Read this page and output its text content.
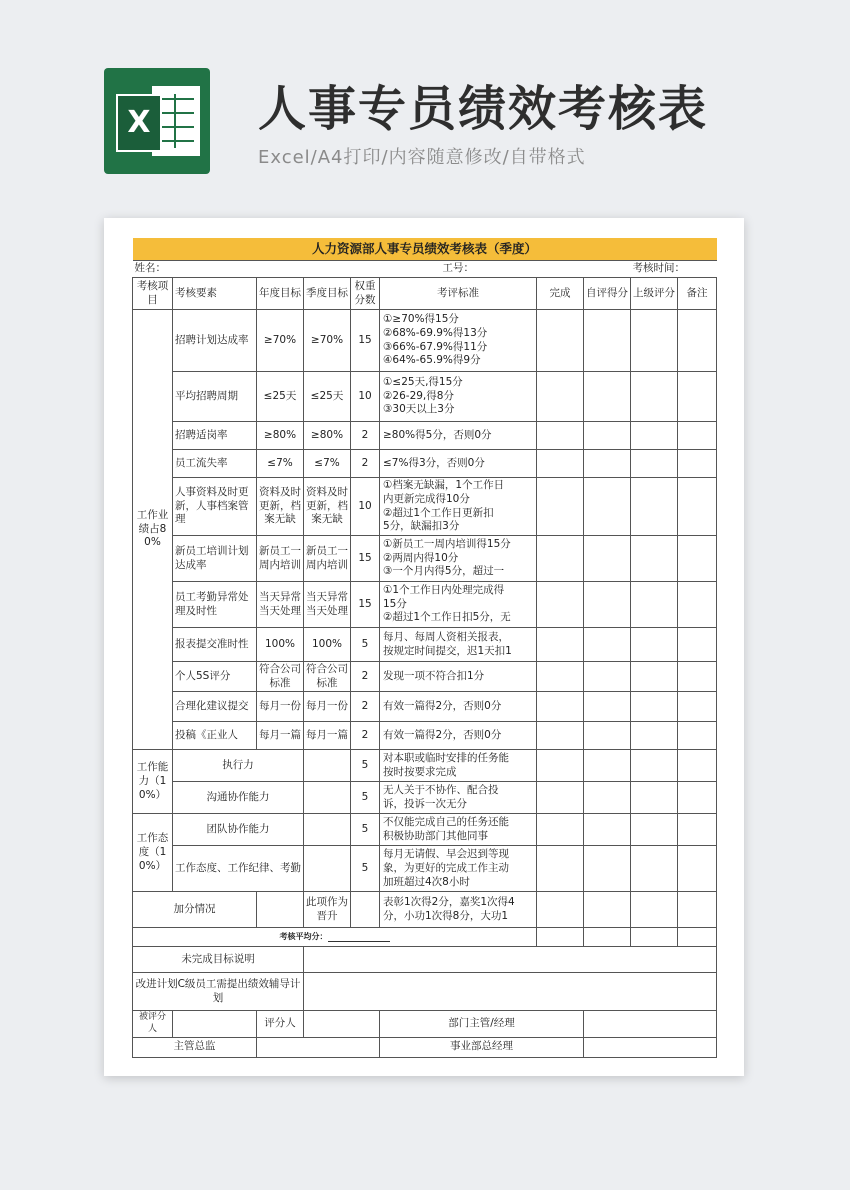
X 人事专员绩效考核表
Excel/A4打印/内容随意修改/自带格式
人力资源部人事专员绩效考核表（季度）									
姓名：				工号：				考核时间：	
考核项目	考核要素	年度目标	季度目标	权重分数	考评标准	完成	自评得分	上级评分	备注
工作业绩占80%	招聘计划达成率	≥70%	≥70%	15	①≥70%得15分
②68%-69.9%得13分
③66%-67.9%得11分
④64%-65.9%得9分				

	平均招聘周期	≤25天	≤25天	10	①≤25天,得15分
②26-29,得8分
③30天以上3分				

	招聘适岗率	≥80%	≥80%	2	≥80%得5分，否则0分				

	员工流失率	≤7%	≤7%	2	≤7%得3分，否则0分				

	人事资料及时更新，人事档案管理	资料及时更新，档案无缺	资料及时更新，档案无缺	10	①档案无缺漏，1个工作日
内更新完成得10分
②超过1个工作日更新扣
5分，缺漏扣3分				

	新员工培训计划达成率	新员工一周内培训	新员工一周内培训	15	①新员工一周内培训得15分
②两周内得10分
③一个月内得5分，超过一				

	员工考勤异常处理及时性	当天异常当天处理	当天异常当天处理	15	①1个工作日内处理完成得
15分
②超过1个工作日扣5分，无				

	报表提交准时性	100%	100%	5	每月、每周人资相关报表，
按规定时间提交，迟1天扣1				

	个人5S评分	符合公司标准	符合公司标准	2	发现一项不符合扣1分				

	合理化建议提交	每月一份	每月一份	2	有效一篇得2分，否则0分				

	投稿《正业人	每月一篇	每月一篇	2	有效一篇得2分，否则0分				

工作能力（10%）	执行力			5	对本职或临时安排的任务能
按时按要求完成				

	沟通协作能力			5	无人关于不协作、配合投
诉，投诉一次无分				

工作态度（10%）	团队协作能力			5	不仅能完成自己的任务还能
积极协助部门其他同事				

	工作态度、工作纪律、考勤			5	每月无请假、早会迟到等现
象，为更好的完成工作主动
加班超过4次8小时				

加分情况			此项作为晋升		表彰1次得2分，嘉奖1次得4
分，小功1次得8分，大功1				

考核平均分：									
未完成目标说明									
改进计划C级员工需提出绩效辅导计划									
被评分人		评分人			部门主管/经理				
主管总监					事业部总经理				
